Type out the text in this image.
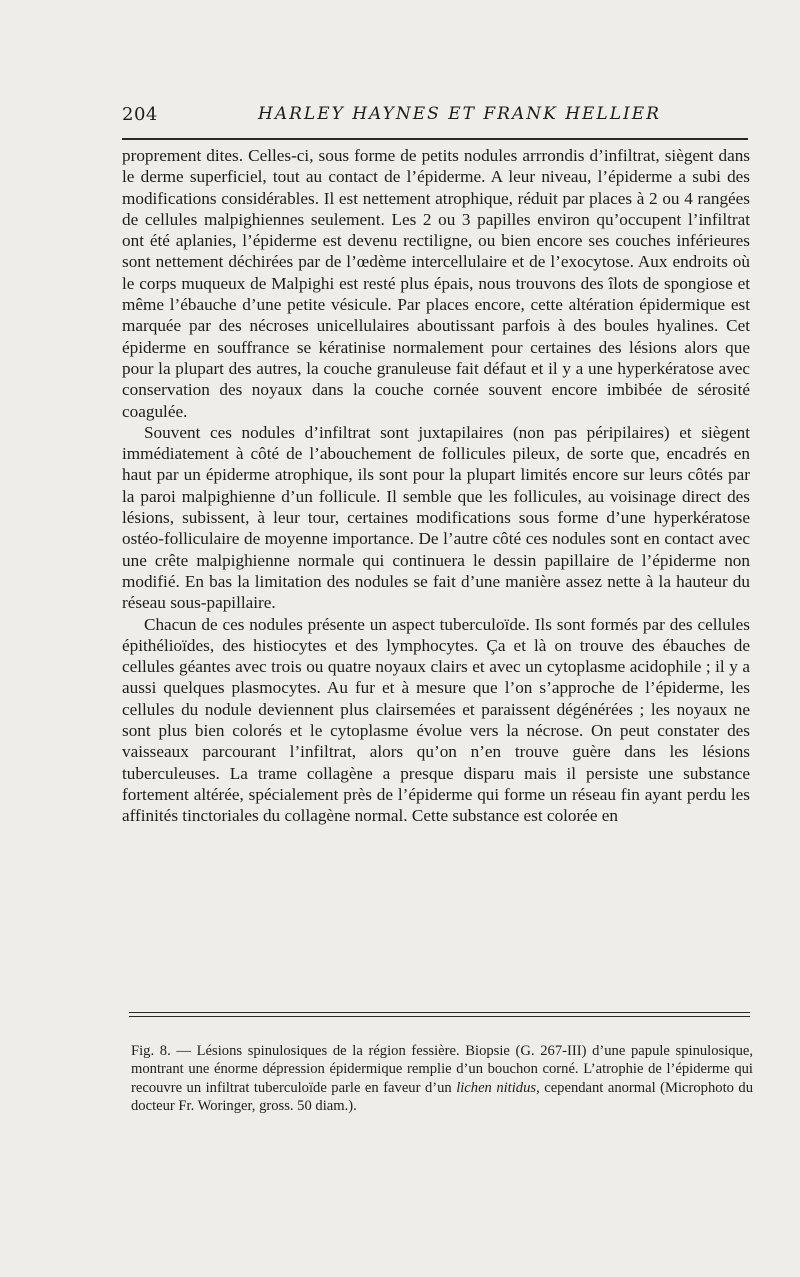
204	HARLEY HAYNES ET FRANK HELLIER

proprement dites. Celles-ci, sous forme de petits nodules arrrondis d’infiltrat, siègent dans le derme superficiel, tout au contact de l’épiderme. A leur niveau, l’épiderme a subi des modifications considérables. Il est nettement atrophique, réduit par places à 2 ou 4 rangées de cellules malpighiennes seulement. Les 2 ou 3 papilles environ qu’occupent l’infiltrat ont été aplanies, l’épiderme est devenu rectiligne, ou bien encore ses couches inférieures sont nettement déchirées par de l’œdème intercellulaire et de l’exocytose. Aux endroits où le corps muqueux de Malpighi est resté plus épais, nous trouvons des îlots de spongiose et même l’ébauche d’une petite vésicule. Par places encore, cette altération épidermique est marquée par des nécroses unicellulaires aboutissant parfois à des boules hyalines. Cet épiderme en souffrance se kératinise normalement pour certaines des lésions alors que pour la plupart des autres, la couche granuleuse fait défaut et il y a une hyperkératose avec conservation des noyaux dans la couche cornée souvent encore imbibée de sérosité coagulée.

Souvent ces nodules d’infiltrat sont juxtapilaires (non pas péripilaires) et siègent immédiatement à côté de l’abouchement de follicules pileux, de sorte que, encadrés en haut par un épiderme atrophique, ils sont pour la plupart limités encore sur leurs côtés par la paroi malpighienne d’un follicule. Il semble que les follicules, au voisinage direct des lésions, subissent, à leur tour, certaines modifications sous forme d’une hyperkératose ostéo-folliculaire de moyenne importance. De l’autre côté ces nodules sont en contact avec une crête malpighienne normale qui continuera le dessin papillaire de l’épiderme non modifié. En bas la limitation des nodules se fait d’une manière assez nette à la hauteur du réseau sous-papillaire.

Chacun de ces nodules présente un aspect tuberculoïde. Ils sont formés par des cellules épithélioïdes, des histiocytes et des lymphocytes. Ça et là on trouve des ébauches de cellules géantes avec trois ou quatre noyaux clairs et avec un cytoplasme acidophile ; il y a aussi quelques plasmocytes. Au fur et à mesure que l’on s’approche de l’épiderme, les cellules du nodule deviennent plus clairsemées et paraissent dégénérées ; les noyaux ne sont plus bien colorés et le cytoplasme évolue vers la nécrose. On peut constater des vaisseaux parcourant l’infiltrat, alors qu’on n’en trouve guère dans les lésions tuberculeuses. La trame collagène a presque disparu mais il persiste une substance fortement altérée, spécialement près de l’épiderme qui forme un réseau fin ayant perdu les affinités tinctoriales du collagène normal. Cette substance est colorée en

Fig. 8. — Lésions spinulosiques de la région fessière. Biopsie (G. 267-III) d’une papule spinulosique, montrant une énorme dépression épidermique remplie d’un bouchon corné. L’atrophie de l’épiderme qui recouvre un infiltrat tuberculoïde parle en faveur d’un lichen nitidus, cependant anormal (Microphoto du docteur Fr. Woringer, gross. 50 diam.).
